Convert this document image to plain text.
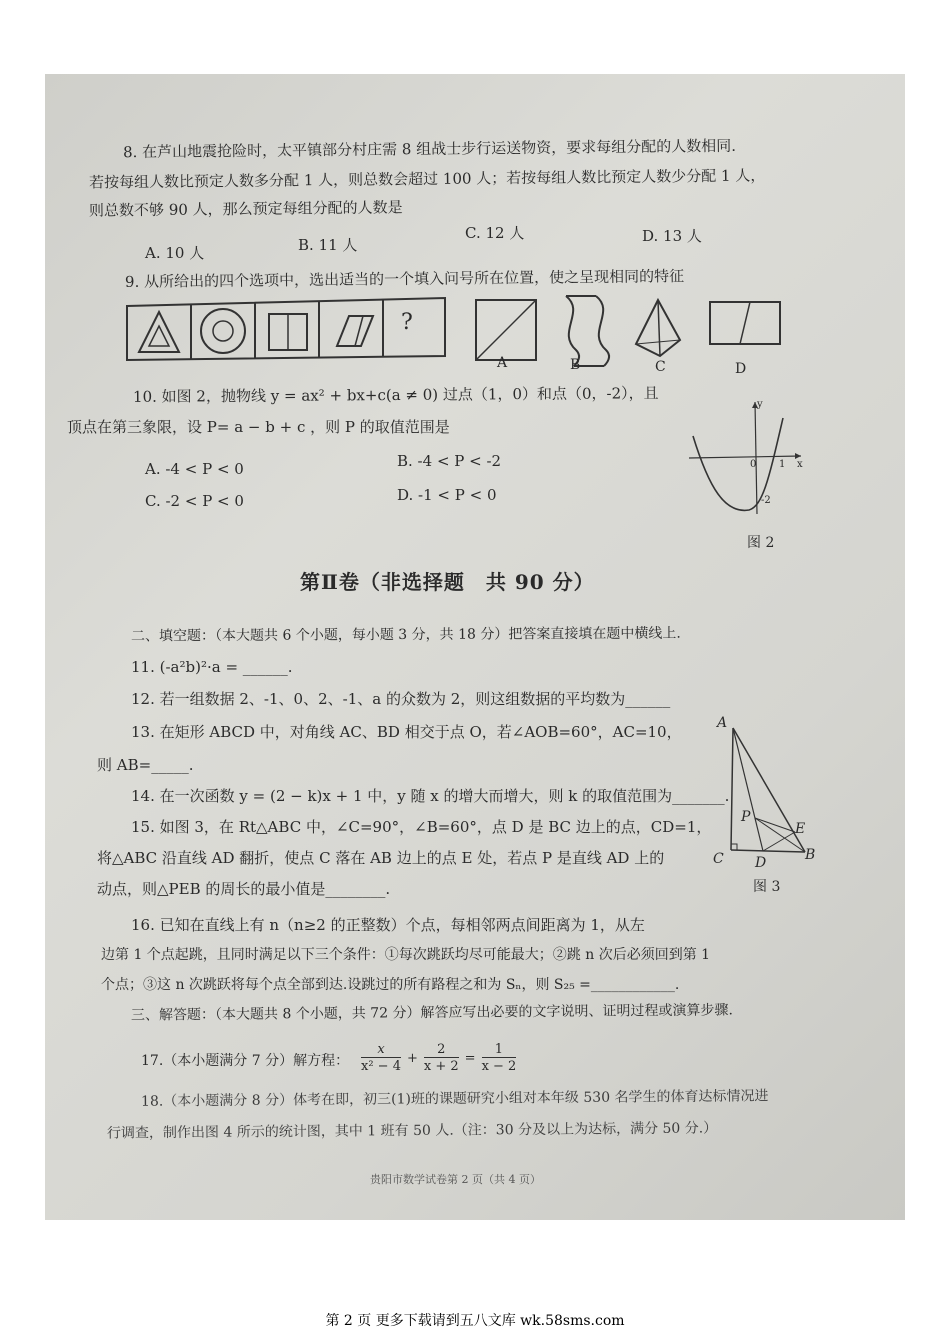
8. 在芦山地震抢险时，太平镇部分村庄需 8 组战士步行运送物资，要求每组分配的人数相同.
若按每组人数比预定人数多分配 1 人，则总数会超过 100 人；若按每组人数比预定人数少分配 1 人，
则总数不够 90 人，那么预定每组分配的人数是
A. 10 人	B. 11 人
C. 12 人	D. 13 人
9. 从所给出的四个选项中，选出适当的一个填入问号所在位置，使之呈现相同的特征
?
A	B	C	D
10. 如图 2，抛物线 y = ax² + bx+c(a ≠ 0) 过点（1，0）和点（0，-2），且
顶点在第三象限，设 P= a − b + c ，则 P 的取值范围是
A. -4 < P < 0	B. -4 < P < -2
C. -2 < P < 0	D. -1 < P < 0
y
x
0 1
-2
图 2
第Ⅱ卷（非选择题　共 90 分）
二、填空题：（本大题共 6 个小题，每小题 3 分，共 18 分）把答案直接填在题中横线上.
11. (-a²b)²·a = ______.
12. 若一组数据 2、-1、0、2、-1、a 的众数为 2，则这组数据的平均数为______
13. 在矩形 ABCD 中，对角线 AC、BD 相交于点 O，若∠AOB=60°，AC=10，
则 AB=_____.
14. 在一次函数 y = (2 − k)x + 1 中，y 随 x 的增大而增大，则 k 的取值范围为_______.
15. 如图 3，在 Rt△ABC 中，∠C=90°，∠B=60°，点 D 是 BC 边上的点，CD=1，
将△ABC 沿直线 AD 翻折，使点 C 落在 AB 边上的点 E 处，若点 P 是直线 AD 上的
动点，则△PEB 的周长的最小值是________.
A
P
E
C D	B
图 3
16. 已知在直线上有 n（n≥2 的正整数）个点，每相邻两点间距离为 1，从左
边第 1 个点起跳，且同时满足以下三个条件：①每次跳跃均尽可能最大；②跳 n 次后必须回到第 1
个点；③这 n 次跳跃将每个点全部到达.设跳过的所有路程之和为 Sₙ，则 S₂₅ =____________.
三、解答题：（本大题共 8 个小题，共 72 分）解答应写出必要的文字说明、证明过程或演算步骤.
17.（本小题满分 7 分）解方程： $\frac{x}{\text{x² − 4}} + \frac{2}{x + 2} = \frac{1}{x - 2}$
18.（本小题满分 8 分）体考在即，初三(1)班的课题研究小组对本年级 530 名学生的体育达标情况进
行调查，制作出图 4 所示的统计图，其中 1 班有 50 人.（注：30 分及以上为达标，满分 50 分.）
贵阳市数学试卷第 2 页（共 4 页）
第 2 页 更多下载请到五八文库 wk.58sms.com
